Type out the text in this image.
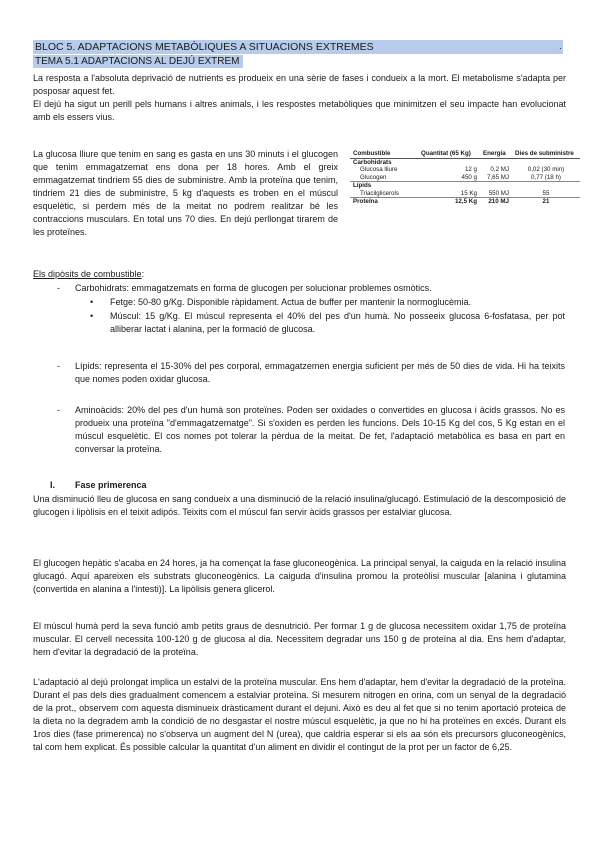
BLOC 5. ADAPTACIONS METABÒLIQUES A SITUACIONS EXTREMES	.
TEMA 5.1 ADAPTACIONS AL DEJÚ EXTREM
La resposta a l'absoluta deprivació de nutrients es produeix en una sèrie de fases i condueix a la mort. El metabolisme s'adapta per posposar aquest fet.
El dejú ha sigut un perill pels humans i altres animals, i les respostes metabòliques que minimitzen el seu impacte han evolucionat amb els essers vius.
La glucosa lliure que tenim en sang es gasta en uns 30 minuts i el glucogen que tenim emmagatzemat ens dona per 18 hores. Amb el greix emmagatzemat tindriem 55 dies de subministre. Amb la proteïna que tenim, tindriem 21 dies de subministre, 5 kg d'aquests es troben en el múscul esquelètic, si perdem més de la meitat no podrem realitzar bé les contraccions musculars. En total uns 70 dies. En dejú perllongat tirarem de les proteïnes.
Combustible	Quantitat (65 Kg)	Energia	Dies de subministre
Carbohidrats			
Glucosa lliure	12 g	0,2 MJ	0,02 (30 min)
Glucogen	450 g	7,65 MJ	0,77 (18 h)
Lípids			
Triacilglicerols	15 Kg	550 MJ	55
Proteïna	12,5 Kg	210 MJ	21
Els dipòsits de combustible:
- Carbohidrats: emmagatzemats en forma de glucogen per solucionar problemes osmòtics.
• Fetge: 50-80 g/Kg. Disponible ràpidament. Actua de buffer per mantenir la normoglucèmia.
• Múscul: 15 g/Kg. El múscul representa el 40% del pes d'un humà. No posseeix glucosa 6-fosfatasa, per pot alliberar lactat i alanina, per la formació de glucosa.
- Lípids: representa el 15-30% del pes corporal, emmagatzemen energia suficient per més de 50 dies de vida. Hi ha teixits que nomes poden oxidar glucosa.
- Aminoàcids: 20% del pes d'un humà son proteïnes. Poden ser oxidades o convertides en glucosa i àcids grassos. No es produeix una proteïna "d'emmagatzematge". Si s'oxiden es perden les funcions. Dels 10-15 Kg del cos, 5 Kg estan en el múscul esquelètic. El cos nomes pot tolerar la pèrdua de la meitat. De fet, l'adaptació metabòlica es basa en part en conversar la proteïna.
I. Fase primerenca
Una disminució lleu de glucosa en sang condueix a una disminució de la relació insulina/glucagó. Estimulació de la descomposició de glucogen i lipòlisis en el teixit adipós. Teixits com el múscul fan servir àcids grassos per estalviar glucosa.
El glucogen hepàtic s'acaba en 24 hores, ja ha començat la fase gluconeogènica. La principal senyal, la caiguda en la relació insulina glucagó. Aquí apareixen els substrats gluconeogènics. La caiguda d'insulina promou la proteòlisi muscular [alanina i glutamina (convertida en alanina a l'intesti)]. La lipòlisis genera glicerol.
El múscul humà perd la seva funció amb petits graus de desnutrició. Per formar 1 g de glucosa necessitem oxidar 1,75 de proteïna muscular. El cervell necessita 100-120 g de glucosa al dia. Necessitem degradar uns 150 g de proteïna al dia. Ens hem d'adaptar, hem d'evitar la degradació de la proteïna.
L'adaptació al dejú prolongat implica un estalvi de la proteïna muscular. Ens hem d'adaptar, hem d'evitar la degradació de la proteïna. Durant el pas dels dies gradualment comencem a estalviar proteïna. Si mesurem nitrogen en orina, com un senyal de la degradació de la prot., observem com aquesta disminueix dràsticament durant el dejuni. Això es deu al fet que si no tenim aportació proteica de la dieta no la degradem amb la condició de no desgastar el nostre múscul esquelètic, ja que no hi ha proteïnes en excés. Durant els 1ros dies (fase primerenca) no s'observa un augment del N (urea), que caldria esperar si els aa són els precursors gluconeogènics, tal com hem explicat. És possible calcular la quantitat d'un aliment en dividir el contingut de la prot per un factor de 6,25.
